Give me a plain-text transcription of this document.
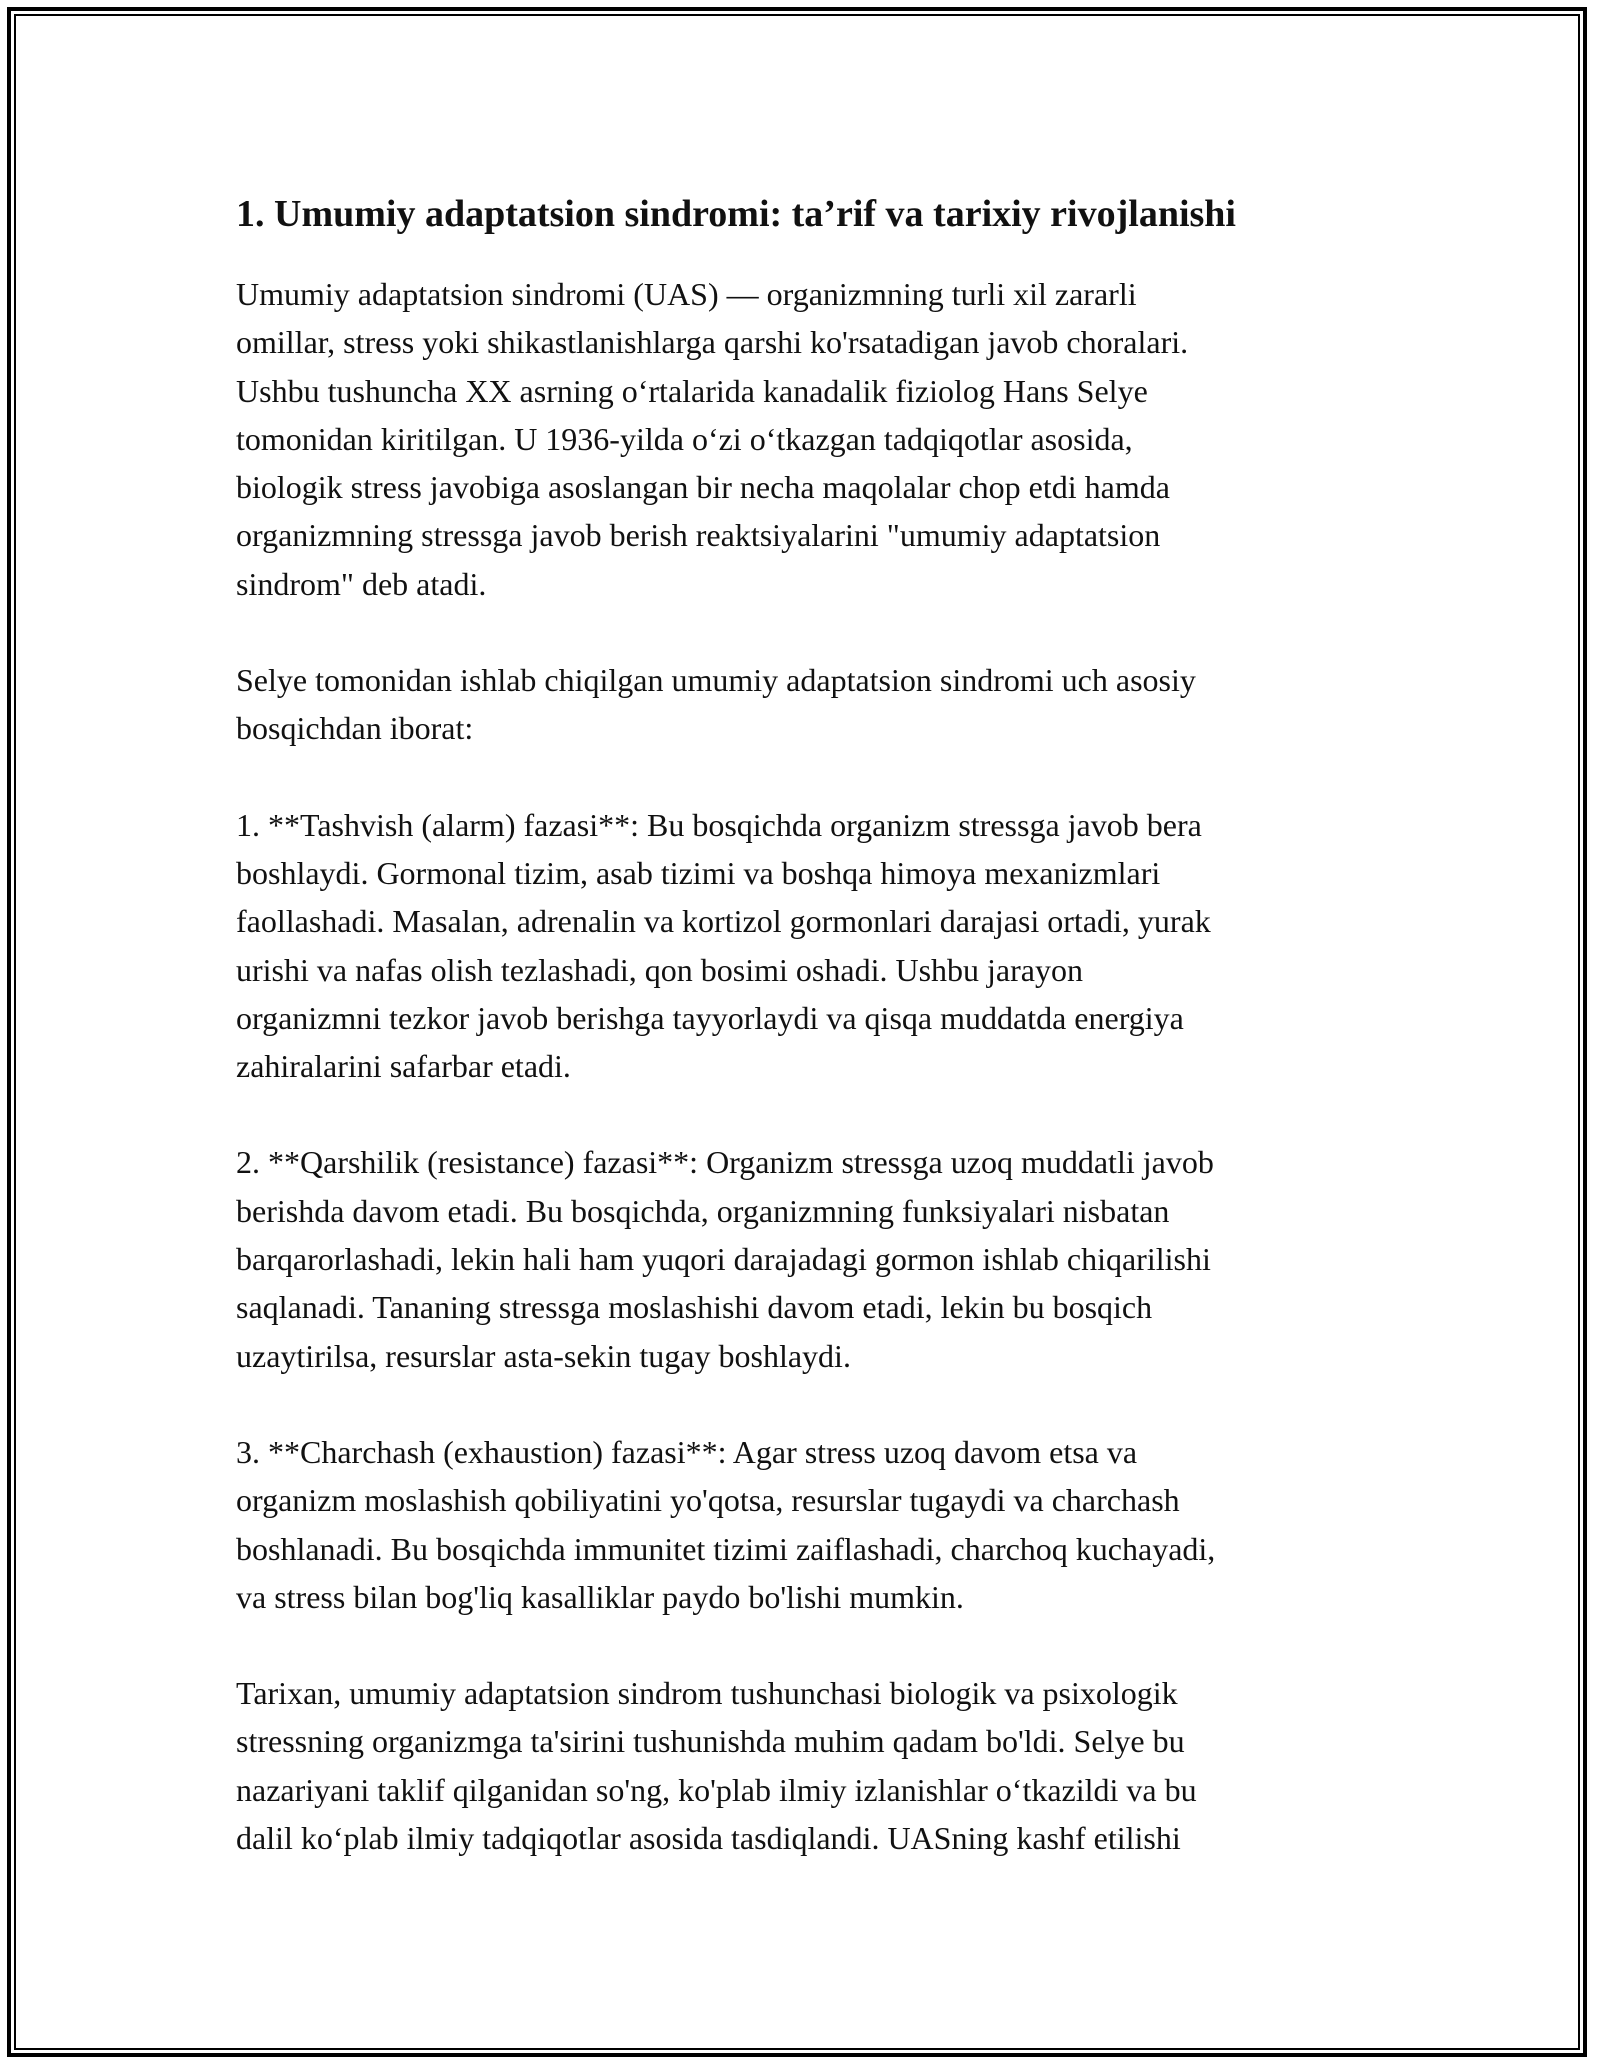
1. Umumiy adaptatsion sindromi: ta’rif va tarixiy rivojlanishi

Umumiy adaptatsion sindromi (UAS) — organizmning turli xil zararli
omillar, stress yoki shikastlanishlarga qarshi ko'rsatadigan javob choralari.
Ushbu tushuncha XX asrning o‘rtalarida kanadalik fiziolog Hans Selye
tomonidan kiritilgan. U 1936-yilda o‘zi o‘tkazgan tadqiqotlar asosida,
biologik stress javobiga asoslangan bir necha maqolalar chop etdi hamda
organizmning stressga javob berish reaktsiyalarini "umumiy adaptatsion
sindrom" deb atadi.

Selye tomonidan ishlab chiqilgan umumiy adaptatsion sindromi uch asosiy
bosqichdan iborat:

1. **Tashvish (alarm) fazasi**: Bu bosqichda organizm stressga javob bera
boshlaydi. Gormonal tizim, asab tizimi va boshqa himoya mexanizmlari
faollashadi. Masalan, adrenalin va kortizol gormonlari darajasi ortadi, yurak
urishi va nafas olish tezlashadi, qon bosimi oshadi. Ushbu jarayon
organizmni tezkor javob berishga tayyorlaydi va qisqa muddatda energiya
zahiralarini safarbar etadi.

2. **Qarshilik (resistance) fazasi**: Organizm stressga uzoq muddatli javob
berishda davom etadi. Bu bosqichda, organizmning funksiyalari nisbatan
barqarorlashadi, lekin hali ham yuqori darajadagi gormon ishlab chiqarilishi
saqlanadi. Tananing stressga moslashishi davom etadi, lekin bu bosqich
uzaytirilsa, resurslar asta-sekin tugay boshlaydi.

3. **Charchash (exhaustion) fazasi**: Agar stress uzoq davom etsa va
organizm moslashish qobiliyatini yo'qotsa, resurslar tugaydi va charchash
boshlanadi. Bu bosqichda immunitet tizimi zaiflashadi, charchoq kuchayadi,
va stress bilan bog'liq kasalliklar paydo bo'lishi mumkin.

Tarixan, umumiy adaptatsion sindrom tushunchasi biologik va psixologik
stressning organizmga ta'sirini tushunishda muhim qadam bo'ldi. Selye bu
nazariyani taklif qilganidan so'ng, ko'plab ilmiy izlanishlar o‘tkazildi va bu
dalil ko‘plab ilmiy tadqiqotlar asosida tasdiqlandi. UASning kashf etilishi
